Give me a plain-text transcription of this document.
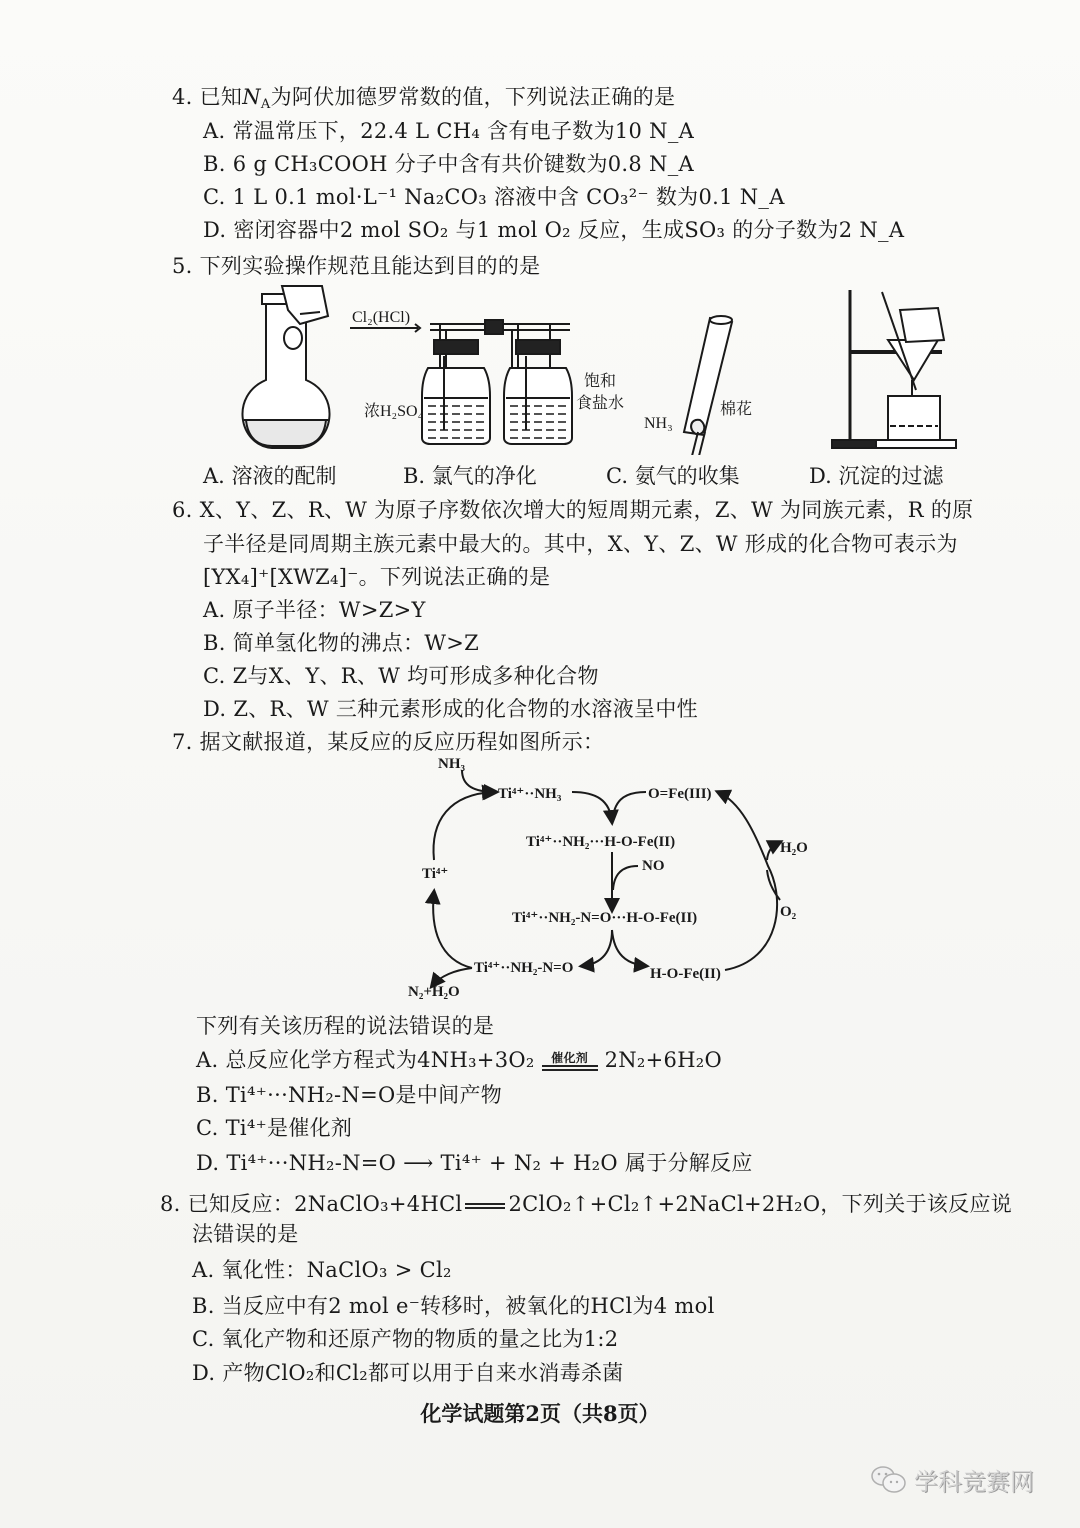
4. 已知$N_A$为阿伏加德罗常数的值，下列说法正确的是
A. 常温常压下，22.4 L CH₄ 含有电子数为10 N_A
B. 6 g CH₃COOH 分子中含有共价键数为0.8 N_A
C. 1 L 0.1 mol·L⁻¹ Na₂CO₃ 溶液中含 CO₃²⁻ 数为0.1 N_A
D. 密闭容器中2 mol SO₂ 与1 mol O₂ 反应，生成SO₃ 的分子数为2 N_A
5. 下列实验操作规范且能达到目的的是
Cl₂(HCl)
浓H₂SO₄
饱和
食盐水
NH₃
棉花
A. 溶液的配制	B. 氯气的净化	C. 氨气的收集	D. 沉淀的过滤
6. X、Y、Z、R、W 为原子序数依次增大的短周期元素，Z、W 为同族元素，R 的原
子半径是同周期主族元素中最大的。其中，X、Y、Z、W 形成的化合物可表示为
[YX₄]⁺[XWZ₄]⁻。下列说法正确的是
A. 原子半径：W>Z>Y
B. 简单氢化物的沸点：W>Z
C. Z与X、Y、R、W 均可形成多种化合物
D. Z、R、W 三种元素形成的化合物的水溶液呈中性
7. 据文献报道，某反应的反应历程如图所示：
NH₃
Ti⁴⁺··NH₃	O=Fe(III)
Ti⁴⁺··NH₂···H-O-Fe(II)
NO
H₂O
Ti⁴⁺
O₂
Ti⁴⁺··NH₂-N=O···H-O-Fe(II)
Ti⁴⁺··NH₂-N=O	H-O-Fe(II)
N₂+H₂O
下列有关该历程的说法错误的是
A. 总反应化学方程式为4NH₃+3O₂	催化剂 2N₂+6H₂O
B. Ti⁴⁺···NH₂-N=O是中间产物
C. Ti⁴⁺是催化剂
D. Ti⁴⁺···NH₂-N=O ⟶ Ti⁴⁺ + N₂ + H₂O 属于分解反应
8. 已知反应：2NaClO₃+4HCl 2ClO₂↑+Cl₂↑+2NaCl+2H₂O，下列关于该反应说
法错误的是
A. 氧化性：NaClO₃ > Cl₂
B. 当反应中有2 mol e⁻转移时，被氧化的HCl为4 mol
C. 氧化产物和还原产物的物质的量之比为1:2
D. 产物ClO₂和Cl₂都可以用于自来水消毒杀菌
化学试题第2页（共8页）
学科竞赛网
